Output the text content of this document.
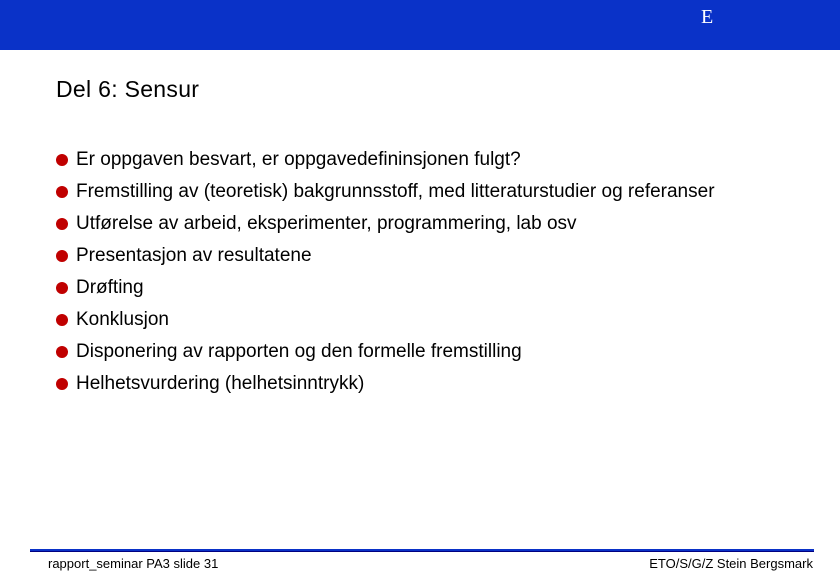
E
Del 6: Sensur
Er oppgaven besvart, er oppgavedefininsjonen fulgt?
Fremstilling av (teoretisk) bakgrunnsstoff, med litteraturstudier og referanser
Utførelse av arbeid, eksperimenter, programmering, lab osv
Presentasjon av resultatene
Drøfting
Konklusjon
Disponering av rapporten og den formelle fremstilling
Helhetsvurdering (helhetsinntrykk)
rapport_seminar PA3 slide 31	ETO/S/G/Z Stein Bergsmark
